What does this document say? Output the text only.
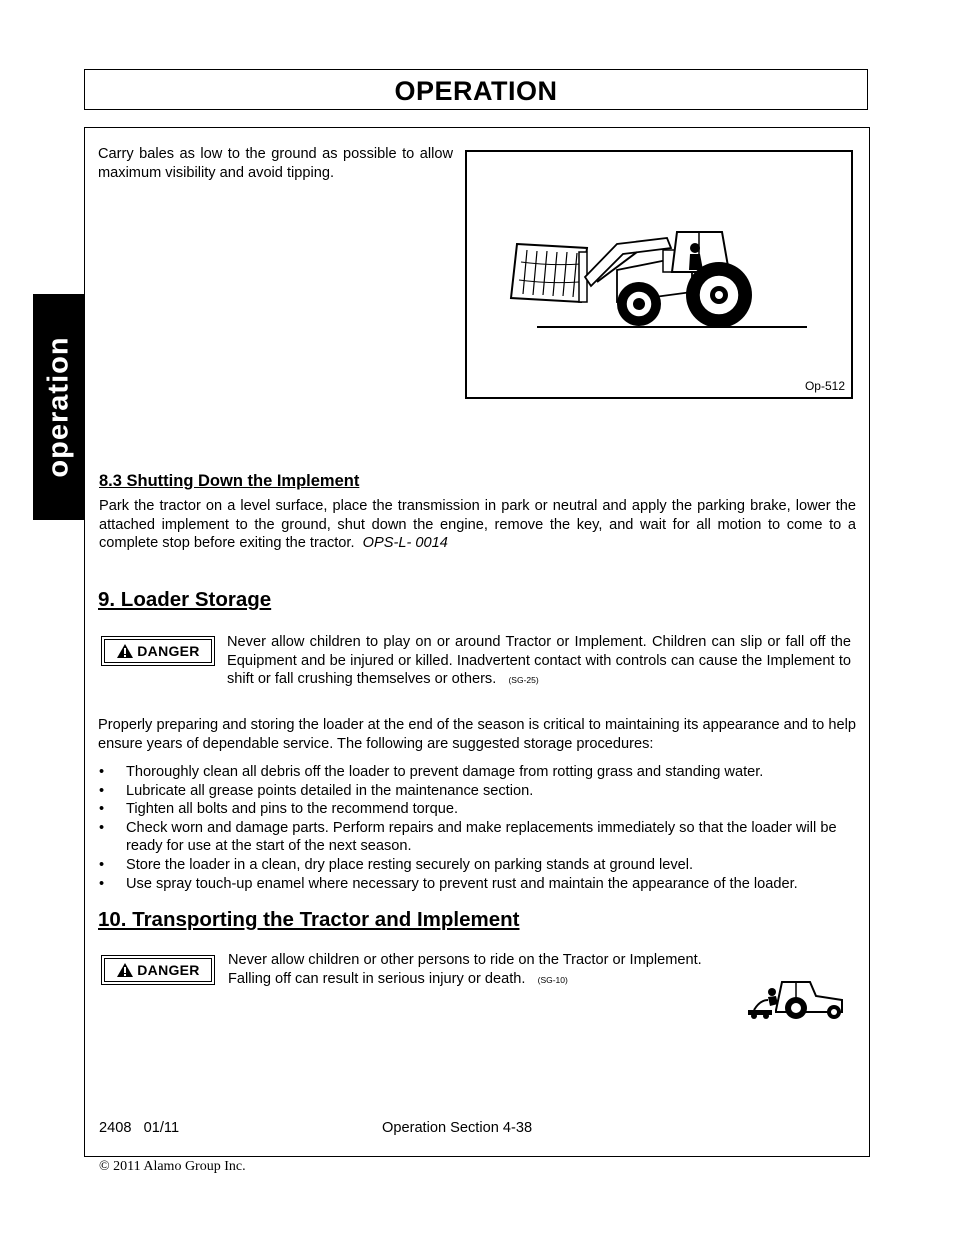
OPERATION
operation
Carry bales as low to the ground as possible to allow maximum visibility and avoid tipping.
Op-512
8.3 Shutting Down the Implement
Park the tractor on a level surface, place the transmission in park or neutral and apply the parking brake, lower the attached implement to the ground, shut down the engine, remove the key, and wait for all motion to come to a complete stop before exiting the tractor. OPS-L- 0014
9. Loader Storage
DANGER
Never allow children to play on or around Tractor or Implement. Children can slip or fall off the Equipment and be injured or killed. Inadvertent contact with controls can cause the Implement to shift or fall crushing themselves or others. (SG-25)
Properly preparing and storing the loader at the end of the season is critical to maintaining its appearance and to help ensure years of dependable service. The following are suggested storage procedures:
• Thoroughly clean all debris off the loader to prevent damage from rotting grass and standing water.
• Lubricate all grease points detailed in the maintenance section.
• Tighten all bolts and pins to the recommend torque.
• Check worn and damage parts. Perform repairs and make replacements immediately so that the loader will be ready for use at the start of the next season.
• Store the loader in a clean, dry place resting securely on parking stands at ground level.
• Use spray touch-up enamel where necessary to prevent rust and maintain the appearance of the loader.
10. Transporting the Tractor and Implement
DANGER
Never allow children or other persons to ride on the Tractor or Implement.
Falling off can result in serious injury or death. (SG-10)
2408   01/11	Operation Section 4-38
© 2011 Alamo Group Inc.
